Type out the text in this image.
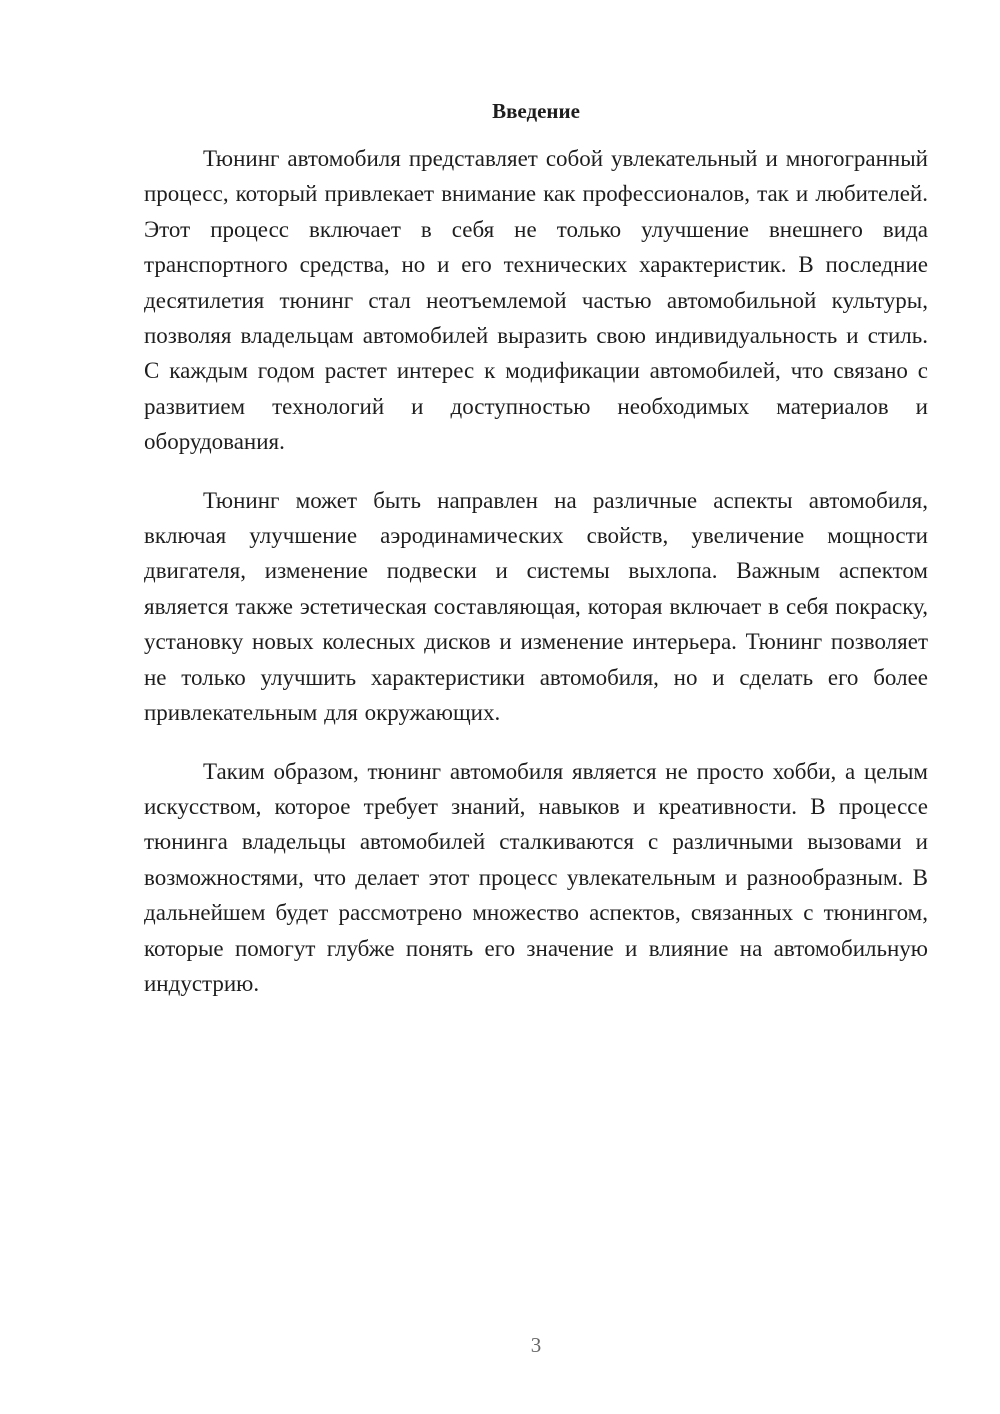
Введение

Тюнинг автомобиля представляет собой увлекательный и многогранный процесс, который привлекает внимание как профессионалов, так и любителей. Этот процесс включает в себя не только улучшение внешнего вида транспортного средства, но и его технических характеристик. В последние десятилетия тюнинг стал неотъемлемой частью автомобильной культуры, позволяя владельцам автомобилей выразить свою индивидуальность и стиль. С каждым годом растет интерес к модификации автомобилей, что связано с развитием технологий и доступностью необходимых материалов и оборудования.

Тюнинг может быть направлен на различные аспекты автомобиля, включая улучшение аэродинамических свойств, увеличение мощности двигателя, изменение подвески и системы выхлопа. Важным аспектом является также эстетическая составляющая, которая включает в себя покраску, установку новых колесных дисков и изменение интерьера. Тюнинг позволяет не только улучшить характеристики автомобиля, но и сделать его более привлекательным для окружающих.

Таким образом, тюнинг автомобиля является не просто хобби, а целым искусством, которое требует знаний, навыков и креативности. В процессе тюнинга владельцы автомобилей сталкиваются с различными вызовами и возможностями, что делает этот процесс увлекательным и разнообразным. В дальнейшем будет рассмотрено множество аспектов, связанных с тюнингом, которые помогут глубже понять его значение и влияние на автомобильную индустрию.

3
